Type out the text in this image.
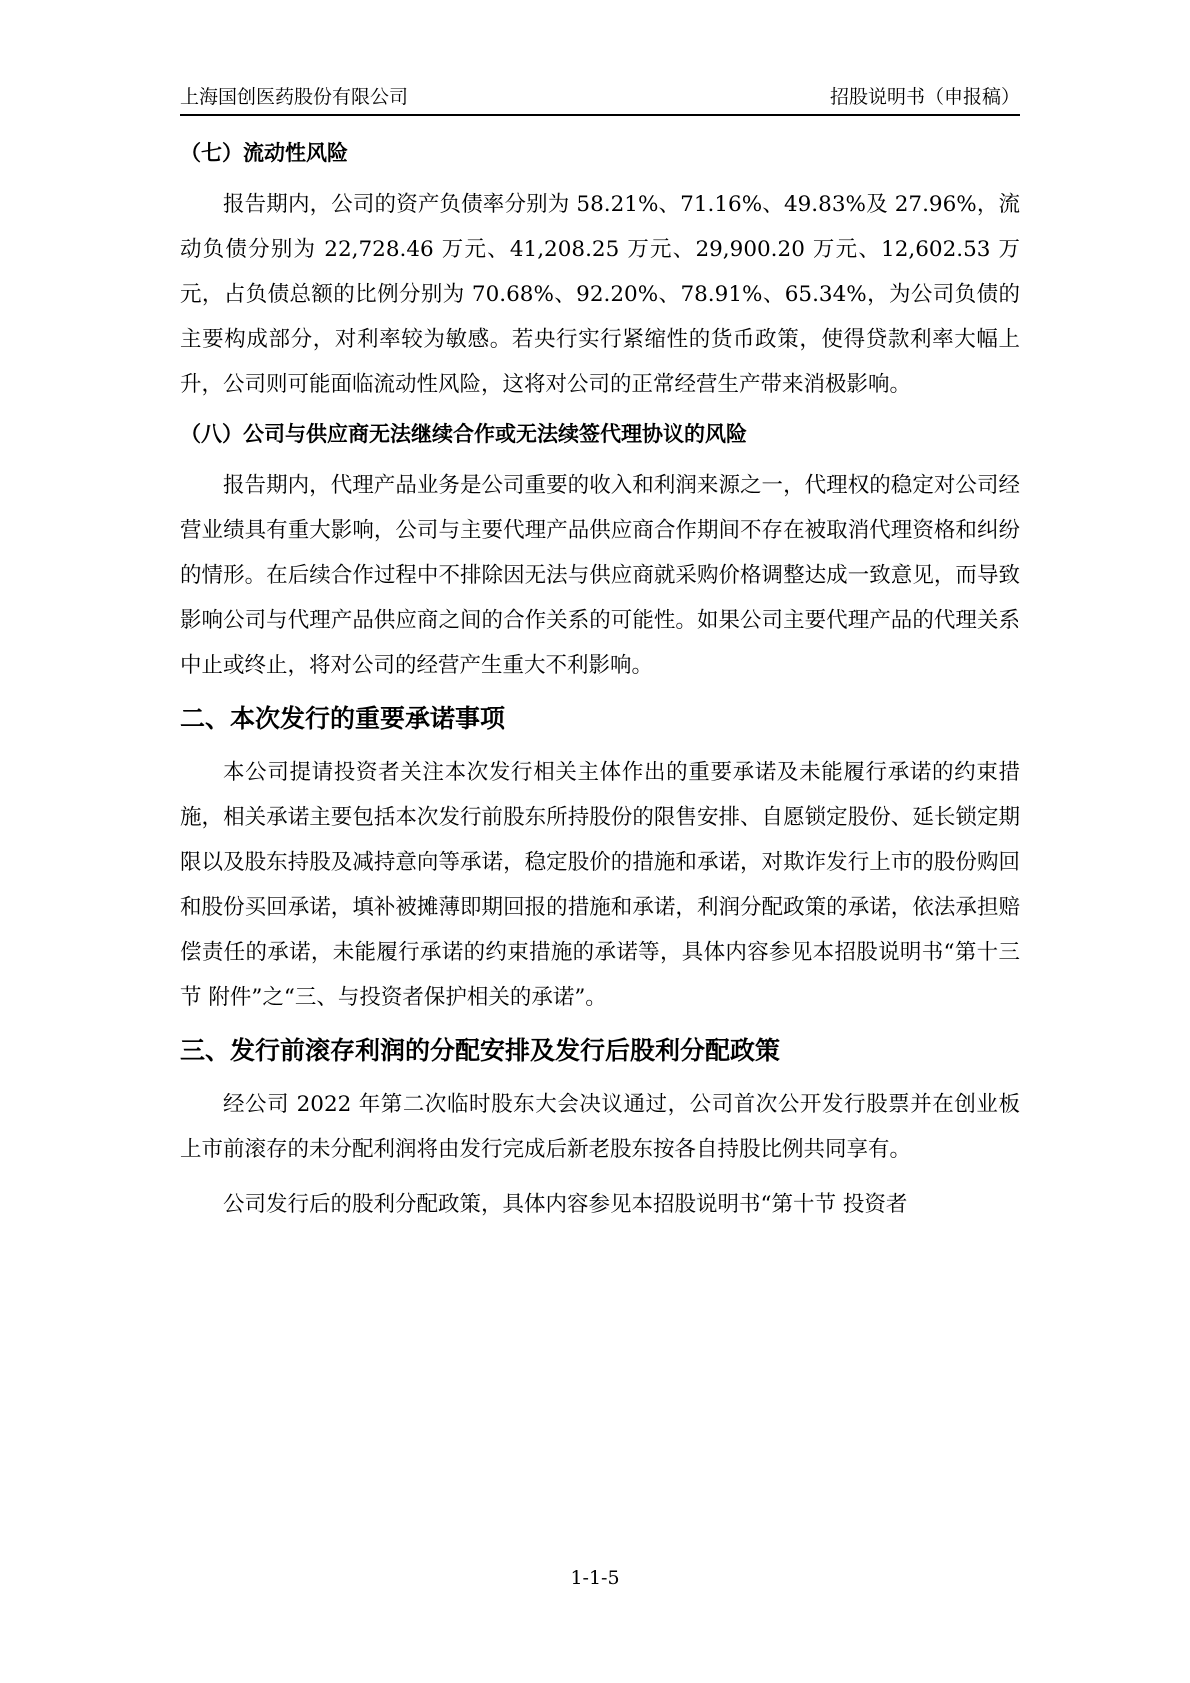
上海国创医药股份有限公司	招股说明书（申报稿）
（七）流动性风险

报告期内，公司的资产负债率分别为 58.21%、71.16%、49.83%及 27.96%，流动负债分别为 22,728.46 万元、41,208.25 万元、29,900.20 万元、12,602.53 万元，占负债总额的比例分别为 70.68%、92.20%、78.91%、65.34%，为公司负债的主要构成部分，对利率较为敏感。若央行实行紧缩性的货币政策，使得贷款利率大幅上升，公司则可能面临流动性风险，这将对公司的正常经营生产带来消极影响。

（八）公司与供应商无法继续合作或无法续签代理协议的风险

报告期内，代理产品业务是公司重要的收入和利润来源之一，代理权的稳定对公司经营业绩具有重大影响，公司与主要代理产品供应商合作期间不存在被取消代理资格和纠纷的情形。在后续合作过程中不排除因无法与供应商就采购价格调整达成一致意见，而导致影响公司与代理产品供应商之间的合作关系的可能性。如果公司主要代理产品的代理关系中止或终止，将对公司的经营产生重大不利影响。

二、本次发行的重要承诺事项

本公司提请投资者关注本次发行相关主体作出的重要承诺及未能履行承诺的约束措施，相关承诺主要包括本次发行前股东所持股份的限售安排、自愿锁定股份、延长锁定期限以及股东持股及减持意向等承诺，稳定股价的措施和承诺，对欺诈发行上市的股份购回和股份买回承诺，填补被摊薄即期回报的措施和承诺，利润分配政策的承诺，依法承担赔偿责任的承诺，未能履行承诺的约束措施的承诺等，具体内容参见本招股说明书“第十三节 附件”之“三、与投资者保护相关的承诺”。

三、发行前滚存利润的分配安排及发行后股利分配政策

经公司 2022 年第二次临时股东大会决议通过，公司首次公开发行股票并在创业板上市前滚存的未分配利润将由发行完成后新老股东按各自持股比例共同享有。

公司发行后的股利分配政策，具体内容参见本招股说明书“第十节 投资者

1-1-5
